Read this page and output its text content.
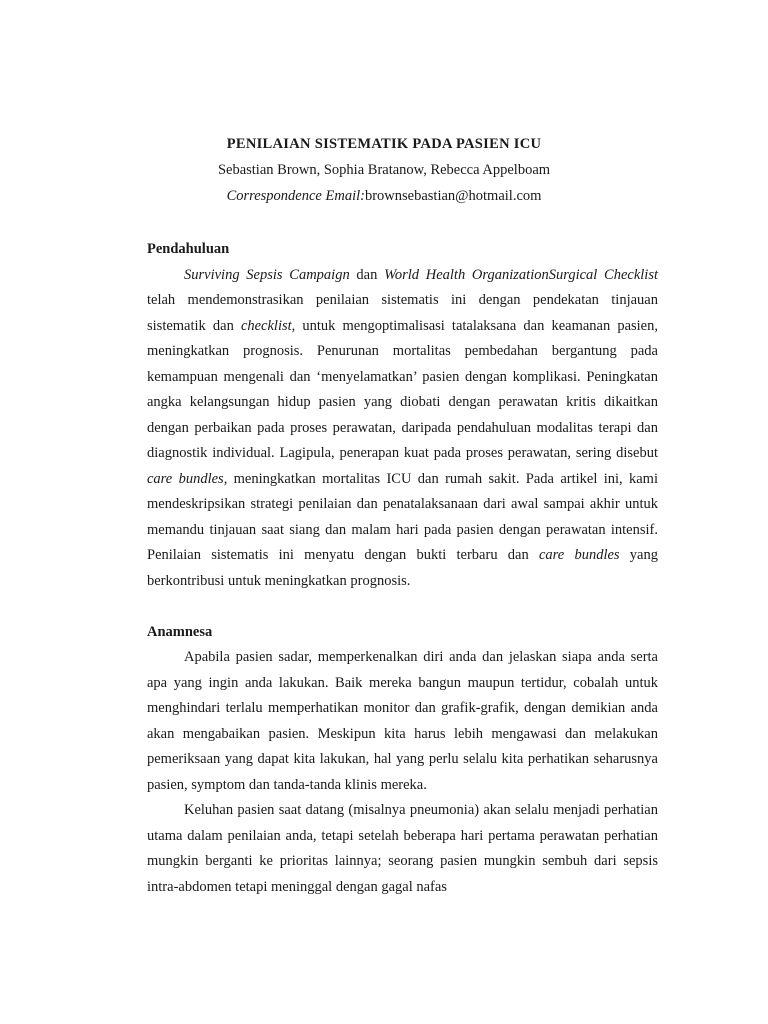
PENILAIAN SISTEMATIK PADA PASIEN ICU
Sebastian Brown, Sophia Bratanow, Rebecca Appelboam
Correspondence Email:brownsebastian@hotmail.com
Pendahuluan

Surviving Sepsis Campaign dan World Health OrganizationSurgical Checklist telah mendemonstrasikan penilaian sistematis ini dengan pendekatan tinjauan sistematik dan checklist, untuk mengoptimalisasi tatalaksana dan keamanan pasien, meningkatkan prognosis. Penurunan mortalitas pembedahan bergantung pada kemampuan mengenali dan ‘menyelamatkan’ pasien dengan komplikasi. Peningkatan angka kelangsungan hidup pasien yang diobati dengan perawatan kritis dikaitkan dengan perbaikan pada proses perawatan, daripada pendahuluan modalitas terapi dan diagnostik individual. Lagipula, penerapan kuat pada proses perawatan, sering disebut care bundles, meningkatkan mortalitas ICU dan rumah sakit. Pada artikel ini, kami mendeskripsikan strategi penilaian dan penatalaksanaan dari awal sampai akhir untuk memandu tinjauan saat siang dan malam hari pada pasien dengan perawatan intensif. Penilaian sistematis ini menyatu dengan bukti terbaru dan care bundles yang berkontribusi untuk meningkatkan prognosis.

Anamnesa

Apabila pasien sadar, memperkenalkan diri anda dan jelaskan siapa anda serta apa yang ingin anda lakukan. Baik mereka bangun maupun tertidur, cobalah untuk menghindari terlalu memperhatikan monitor dan grafik-grafik, dengan demikian anda akan mengabaikan pasien. Meskipun kita harus lebih mengawasi dan melakukan pemeriksaan yang dapat kita lakukan, hal yang perlu selalu kita perhatikan seharusnya pasien, symptom dan tanda-tanda klinis mereka.

Keluhan pasien saat datang (misalnya pneumonia) akan selalu menjadi perhatian utama dalam penilaian anda, tetapi setelah beberapa hari pertama perawatan perhatian mungkin berganti ke prioritas lainnya; seorang pasien mungkin sembuh dari sepsis intra-abdomen tetapi meninggal dengan gagal nafas
